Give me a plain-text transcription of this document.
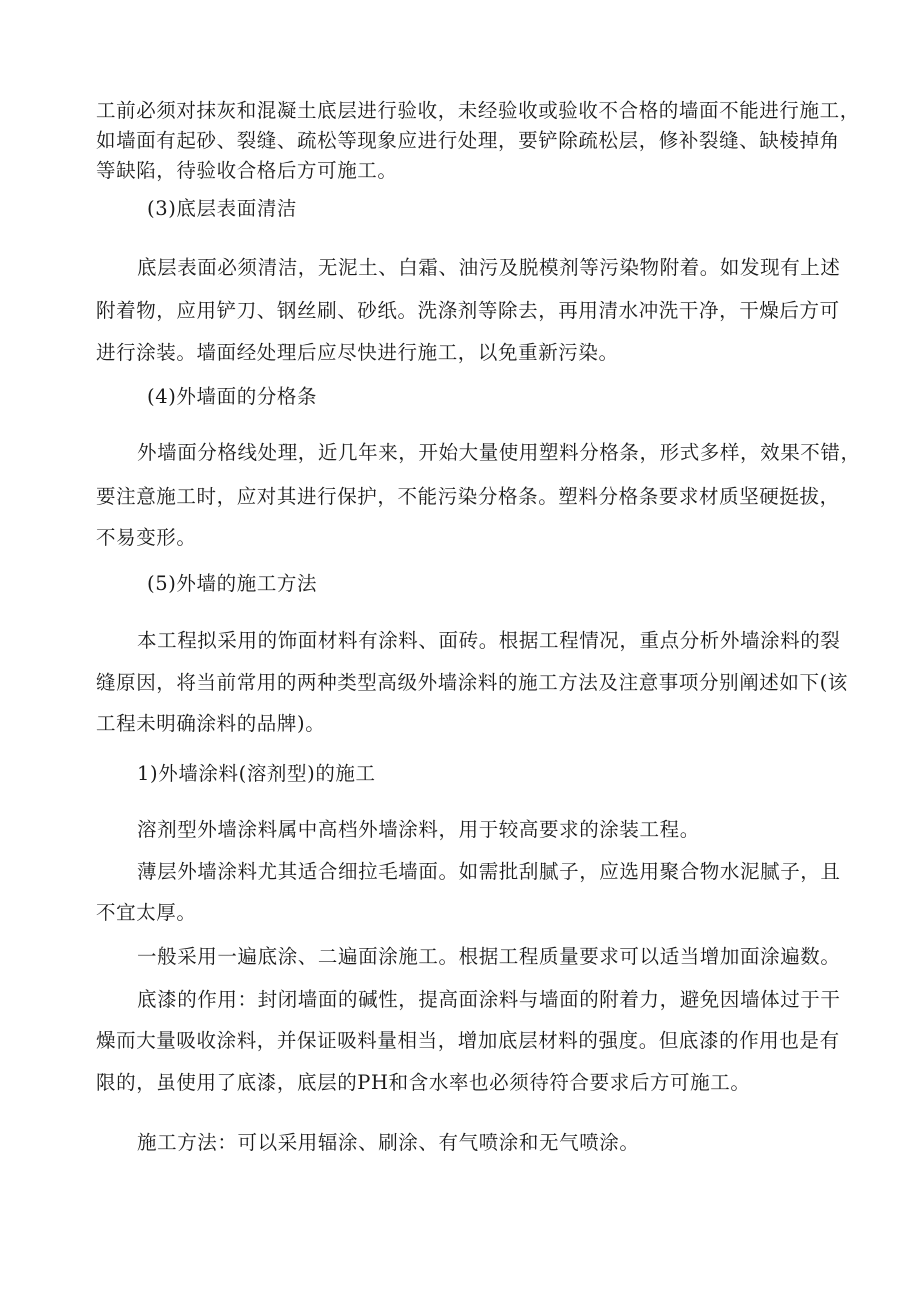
工前必须对抹灰和混凝土底层进行验收，未经验收或验收不合格的墙面不能进行施工，
如墙面有起砂、裂缝、疏松等现象应进行处理，要铲除疏松层，修补裂缝、缺棱掉角
等缺陷，待验收合格后方可施工。
(3)底层表面清洁
底层表面必须清洁，无泥土、白霜、油污及脱模剂等污染物附着。如发现有上述
附着物，应用铲刀、钢丝刷、砂纸。洗涤剂等除去，再用清水冲洗干净，干燥后方可
进行涂装。墙面经处理后应尽快进行施工，以免重新污染。
(4)外墙面的分格条
外墙面分格线处理，近几年来，开始大量使用塑料分格条，形式多样，效果不错，
要注意施工时，应对其进行保护，不能污染分格条。塑料分格条要求材质坚硬挺拔，
不易变形。
(5)外墙的施工方法
本工程拟采用的饰面材料有涂料、面砖。根据工程情况，重点分析外墙涂料的裂
缝原因，将当前常用的两种类型高级外墙涂料的施工方法及注意事项分别阐述如下(该
工程未明确涂料的品牌)。
1)外墙涂料(溶剂型)的施工
溶剂型外墙涂料属中高档外墙涂料，用于较高要求的涂装工程。
薄层外墙涂料尤其适合细拉毛墙面。如需批刮腻子，应选用聚合物水泥腻子，且
不宜太厚。
一般采用一遍底涂、二遍面涂施工。根据工程质量要求可以适当增加面涂遍数。
底漆的作用：封闭墙面的碱性，提高面涂料与墙面的附着力，避免因墙体过于干
燥而大量吸收涂料，并保证吸料量相当，增加底层材料的强度。但底漆的作用也是有
限的，虽使用了底漆，底层的PH和含水率也必须待符合要求后方可施工。
施工方法：可以采用辐涂、刷涂、有气喷涂和无气喷涂。
